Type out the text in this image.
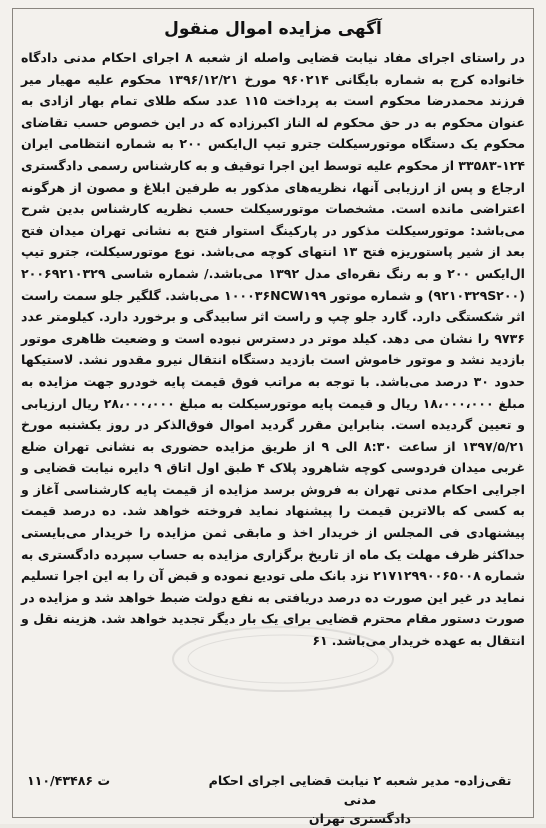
آگهی مزایده اموال منقول

در راستای اجرای مفاد نیابت قضایی واصله از شعبه ۸ اجرای احکام مدنی دادگاه خانواده کرج به شماره بایگانی ۹۶۰۲۱۴ مورخ ۱۳۹۶/۱۲/۲۱ محکوم علیه مهیار میر فرزند محمدرضا محکوم است به پرداخت ۱۱۵ عدد سکه طلای تمام بهار ازادی به عنوان محکوم به در حق محکوم له الناز اکبرزاده که در این خصوص حسب تقاضای محکوم یک دستگاه موتورسیکلت جترو تیپ ال‌ایکس ۲۰۰ به شماره انتظامی ایران ۱۲۴-۳۳۵۸۳ از محکوم علیه توسط این اجرا توقیف و به کارشناس رسمی دادگستری ارجاع و پس از ارزیابی آنها، نظریه‌های مذکور به طرفین ابلاغ و مصون از هرگونه اعتراضی مانده است. مشخصات موتورسیکلت حسب نظریه کارشناس بدین شرح می‌باشد: موتورسیکلت مذکور در پارکینگ استوار فتح به نشانی تهران میدان فتح بعد از شیر پاستوریزه فتح ۱۳ انتهای کوچه می‌باشد. نوع موتورسیکلت، جترو تیپ ال‌ایکس ۲۰۰ و به رنگ نقره‌ای مدل ۱۳۹۲ می‌باشد./ شماره شاسی ۲۰۰۶۹۲۱۰۳۲۹ (۹۲۱۰۳۲۹S۲۰۰) و شماره موتور ۱۰۰۰۳۶NCW۱۹۹ می‌باشد. گلگیر جلو سمت راست اثر شکستگی دارد. گارد جلو چپ و راست اثر سابیدگی و برخورد دارد. کیلومتر عدد ۹۷۳۶ را نشان می دهد. کیلد موتر در دسترس نبوده است و وضعیت ظاهری موتور بازدید نشد و موتور خاموش است بازدید دستگاه انتقال نیرو مقدور نشد. لاستیکها حدود ۳۰ درصد می‌باشد. با توجه به مراتب فوق قیمت پایه خودرو جهت مزایده به مبلغ ۱۸،۰۰۰،۰۰۰ ریال و قیمت پایه موتورسیکلت به مبلغ ۲۸،۰۰۰،۰۰۰ ریال ارزیابی و تعیین گردیده است. بنابراین مقرر گردید اموال فوق‌الذکر در روز یکشنبه مورخ ۱۳۹۷/۵/۲۱ از ساعت ۸:۳۰ الی ۹ از طریق مزایده حضوری به نشانی تهران ضلع غربی میدان فردوسی کوچه شاهرود پلاک ۴ طبق اول اتاق ۹ دایره نیابت قضایی و اجرایی احکام مدنی تهران به فروش برسد مزایده از قیمت پایه کارشناسی آغاز و به کسی که بالاترین قیمت را پیشنهاد نماید فروخته خواهد شد. ده درصد قیمت پیشنهادی فی المجلس از خریدار اخذ و مابقی ثمن مزایده را خریدار می‌بایستی حداکثر ظرف مهلت یک ماه از تاریخ برگزاری مزایده به حساب سپرده دادگستری به شماره ۲۱۷۱۲۹۹۰۰۶۵۰۰۸ نزد بانک ملی تودیع نموده و قبض آن را به این اجرا تسلیم نماید در غیر این صورت ده درصد دریافتی به نفع دولت ضبط خواهد شد و مزایده در صورت دستور مقام محترم قضایی برای یک بار دیگر تجدید خواهد شد. هزینه نقل و انتقال به عهده خریدار می‌باشد. ۶۱

تقی‌زاده- مدیر شعبه ۲ نیابت قضایی اجرای احکام مدنی
دادگستری تهران
۱۱۰/۴۳۴۸۶ ت
